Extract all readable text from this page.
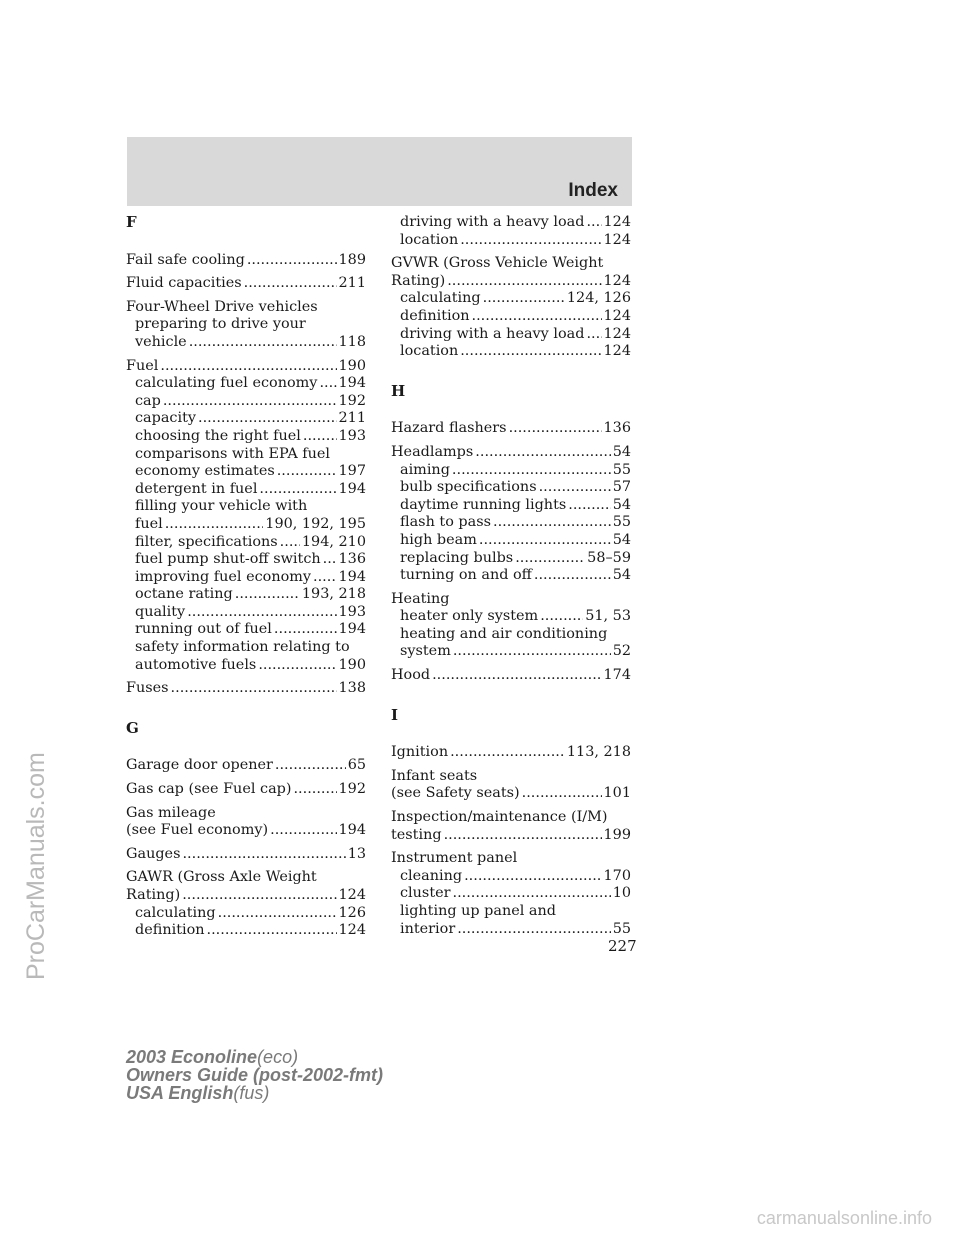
Index
F
Fail safe cooling .....	189
Fluid capacities .....	211
Four-Wheel Drive vehicles
preparing to drive your
vehicle .....	118
Fuel .....	190
calculating fuel economy ..... 194
cap .....	192
capacity .....	211
choosing the right fuel .....	193
comparisons with EPA fuel
economy estimates .....	197
detergent in fuel .....	194
filling your vehicle with
fuel .....	190, 192, 195
filter, specifications ..... 194, 210
fuel pump shut-off switch ..... 136
improving fuel economy ..... 194
octane rating .....	193, 218
quality .....	193
running out of fuel .....	194
safety information relating to
automotive fuels .....	190
Fuses .....	138
G
Garage door opener .....	65
Gas cap (see Fuel cap) .....	192
Gas mileage
(see Fuel economy) .....	194
Gauges .....	13
GAWR (Gross Axle Weight
Rating) .....	124
calculating .....	126
definition .....	124
driving with a heavy load ..... 124
location .....	124
GVWR (Gross Vehicle Weight
Rating) .....	124
calculating .....	124, 126
definition .....	124
driving with a heavy load ..... 124
location .....	124
H
Hazard flashers .....	136
Headlamps .....	54
aiming .....	55
bulb specifications .....	57
daytime running lights .....	54
flash to pass .....	55
high beam .....	54
replacing bulbs .....	58–59
turning on and off .....	54
Heating
heater only system .....	51, 53
heating and air conditioning
system .....	52
Hood .....	174
I
Ignition .....	113, 218
Infant seats
(see Safety seats) .....	101
Inspection/maintenance (I/M)
testing .....	199
Instrument panel
cleaning .....	170
cluster .....	10
lighting up panel and
interior .....	55
227
2003 Econoline(eco)
Owners Guide (post-2002-fmt)
USA English(fus)
ProCarManuals.com
carmanualsonline.info
